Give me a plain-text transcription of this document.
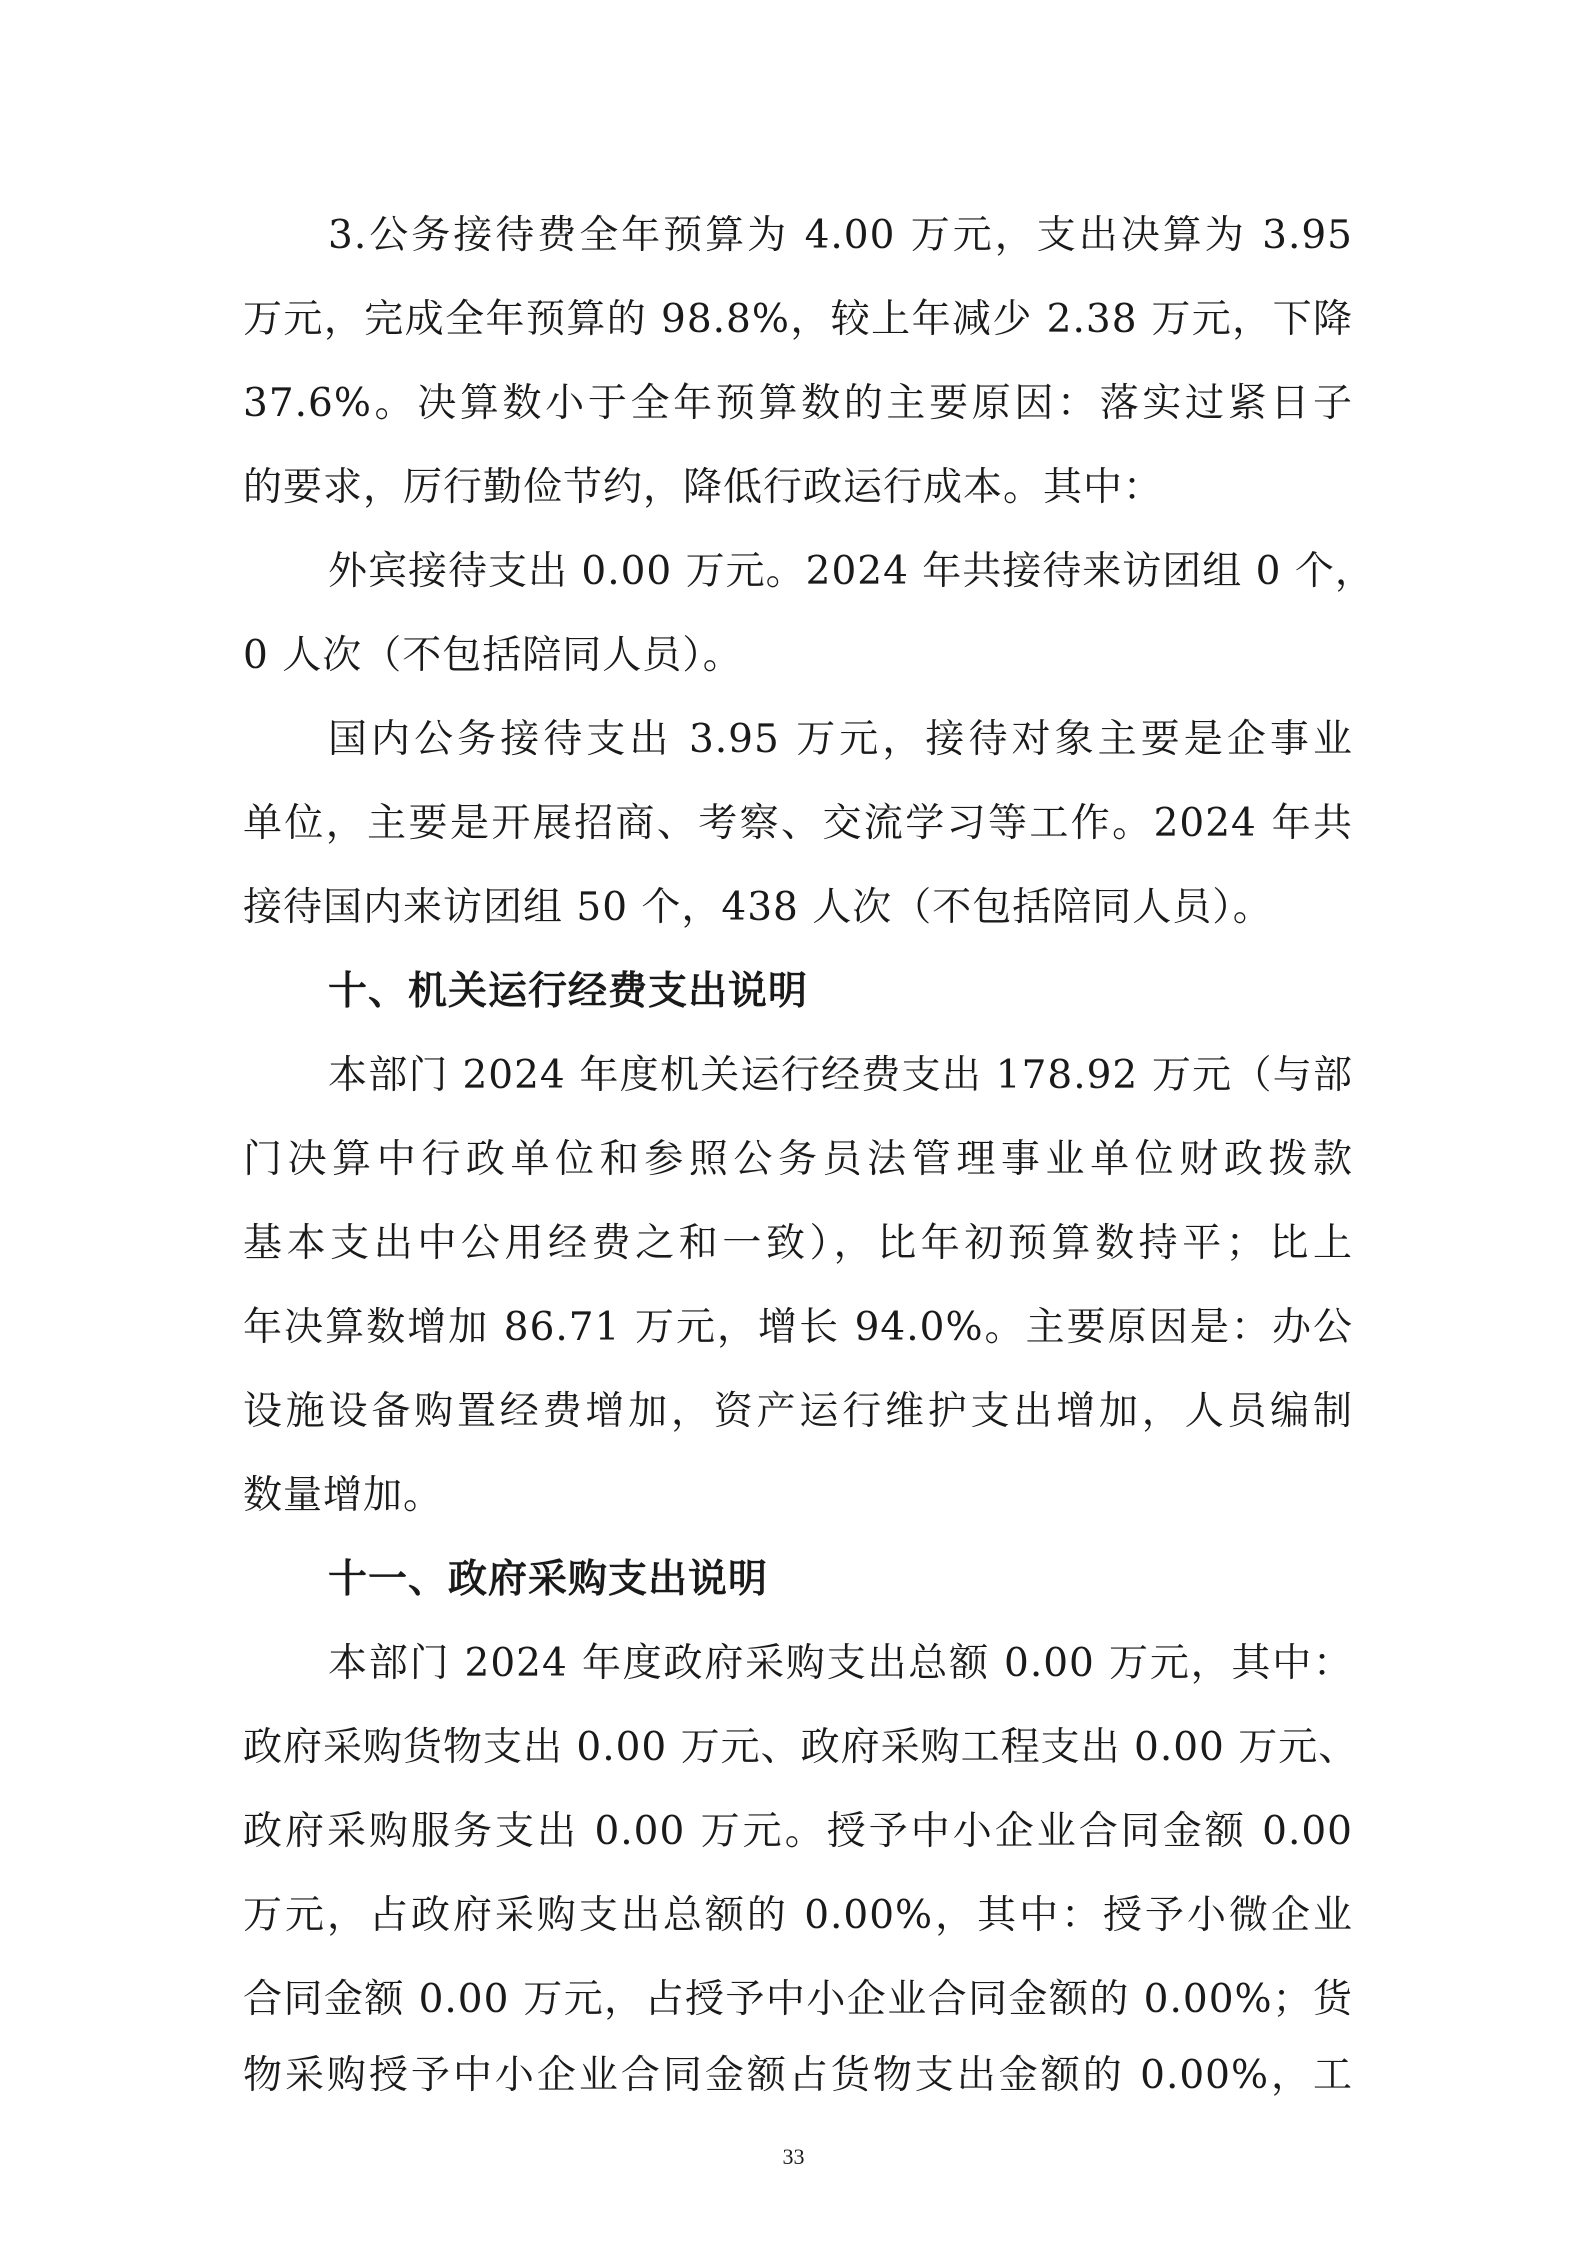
3.公务接待费全年预算为 4.00 万元，支出决算为 3.95
万元，完成全年预算的 98.8%，较上年减少 2.38 万元，下降
37.6%。决算数小于全年预算数的主要原因：落实过紧日子
的要求，厉行勤俭节约，降低行政运行成本。其中：
外宾接待支出 0.00 万元。2024 年共接待来访团组 0 个，
0 人次（不包括陪同人员）。
国内公务接待支出 3.95 万元，接待对象主要是企事业
单位，主要是开展招商、考察、交流学习等工作。2024 年共
接待国内来访团组 50 个，438 人次（不包括陪同人员）。
十、机关运行经费支出说明
本部门 2024 年度机关运行经费支出 178.92 万元（与部
门决算中行政单位和参照公务员法管理事业单位财政拨款
基本支出中公用经费之和一致），比年初预算数持平；比上
年决算数增加 86.71 万元，增长 94.0%。主要原因是：办公
设施设备购置经费增加，资产运行维护支出增加，人员编制
数量增加。
十一、政府采购支出说明
本部门 2024 年度政府采购支出总额 0.00 万元，其中：
政府采购货物支出 0.00 万元、政府采购工程支出 0.00 万元、
政府采购服务支出 0.00 万元。授予中小企业合同金额 0.00
万元，占政府采购支出总额的 0.00%，其中：授予小微企业
合同金额 0.00 万元，占授予中小企业合同金额的 0.00%；货
物采购授予中小企业合同金额占货物支出金额的 0.00%，工
33
